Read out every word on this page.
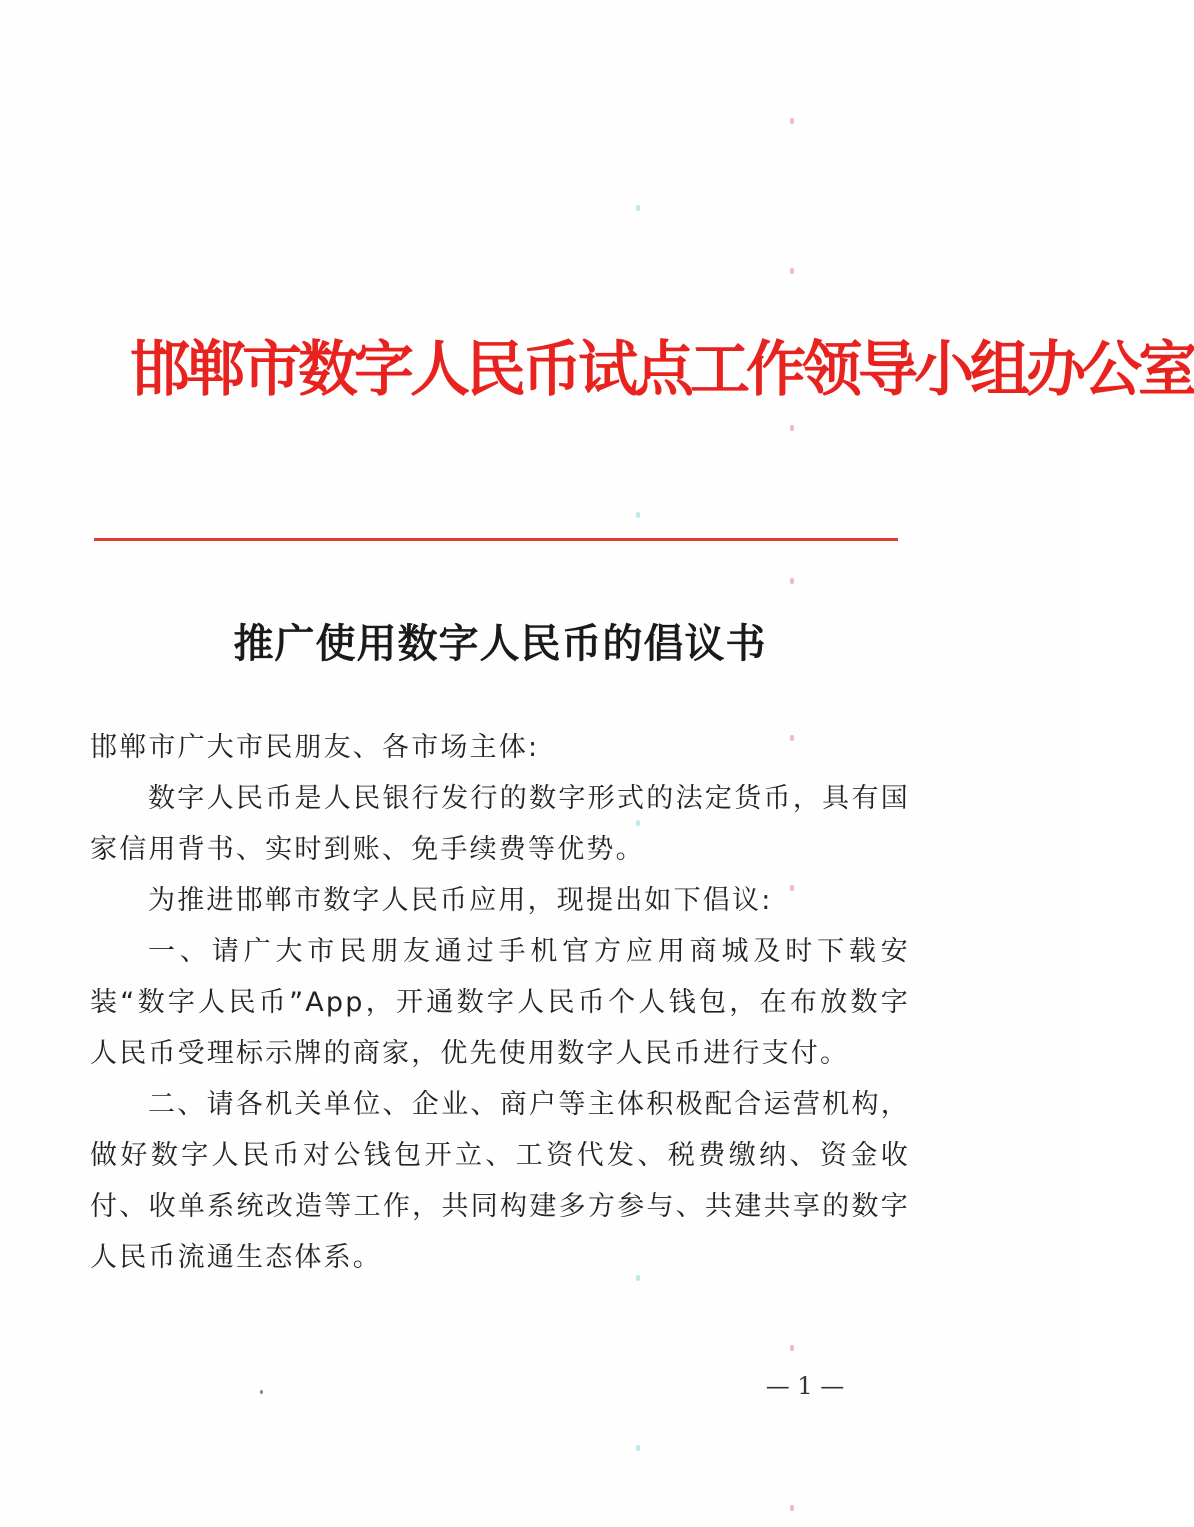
邯郸市数字人民币试点工作领导小组办公室
推广使用数字人民币的倡议书

邯郸市广大市民朋友、各市场主体:

数字人民币是人民银行发行的数字形式的法定货币，具有国家信用背书、实时到账、免手续费等优势。

为推进邯郸市数字人民币应用，现提出如下倡议:

一、请广大市民朋友通过手机官方应用商城及时下载安装“数字人民币”App，开通数字人民币个人钱包，在布放数字人民币受理标示牌的商家，优先使用数字人民币进行支付。

二、请各机关单位、企业、商户等主体积极配合运营机构，做好数字人民币对公钱包开立、工资代发、税费缴纳、资金收付、收单系统改造等工作，共同构建多方参与、共建共享的数字人民币流通生态体系。

— 1 —
